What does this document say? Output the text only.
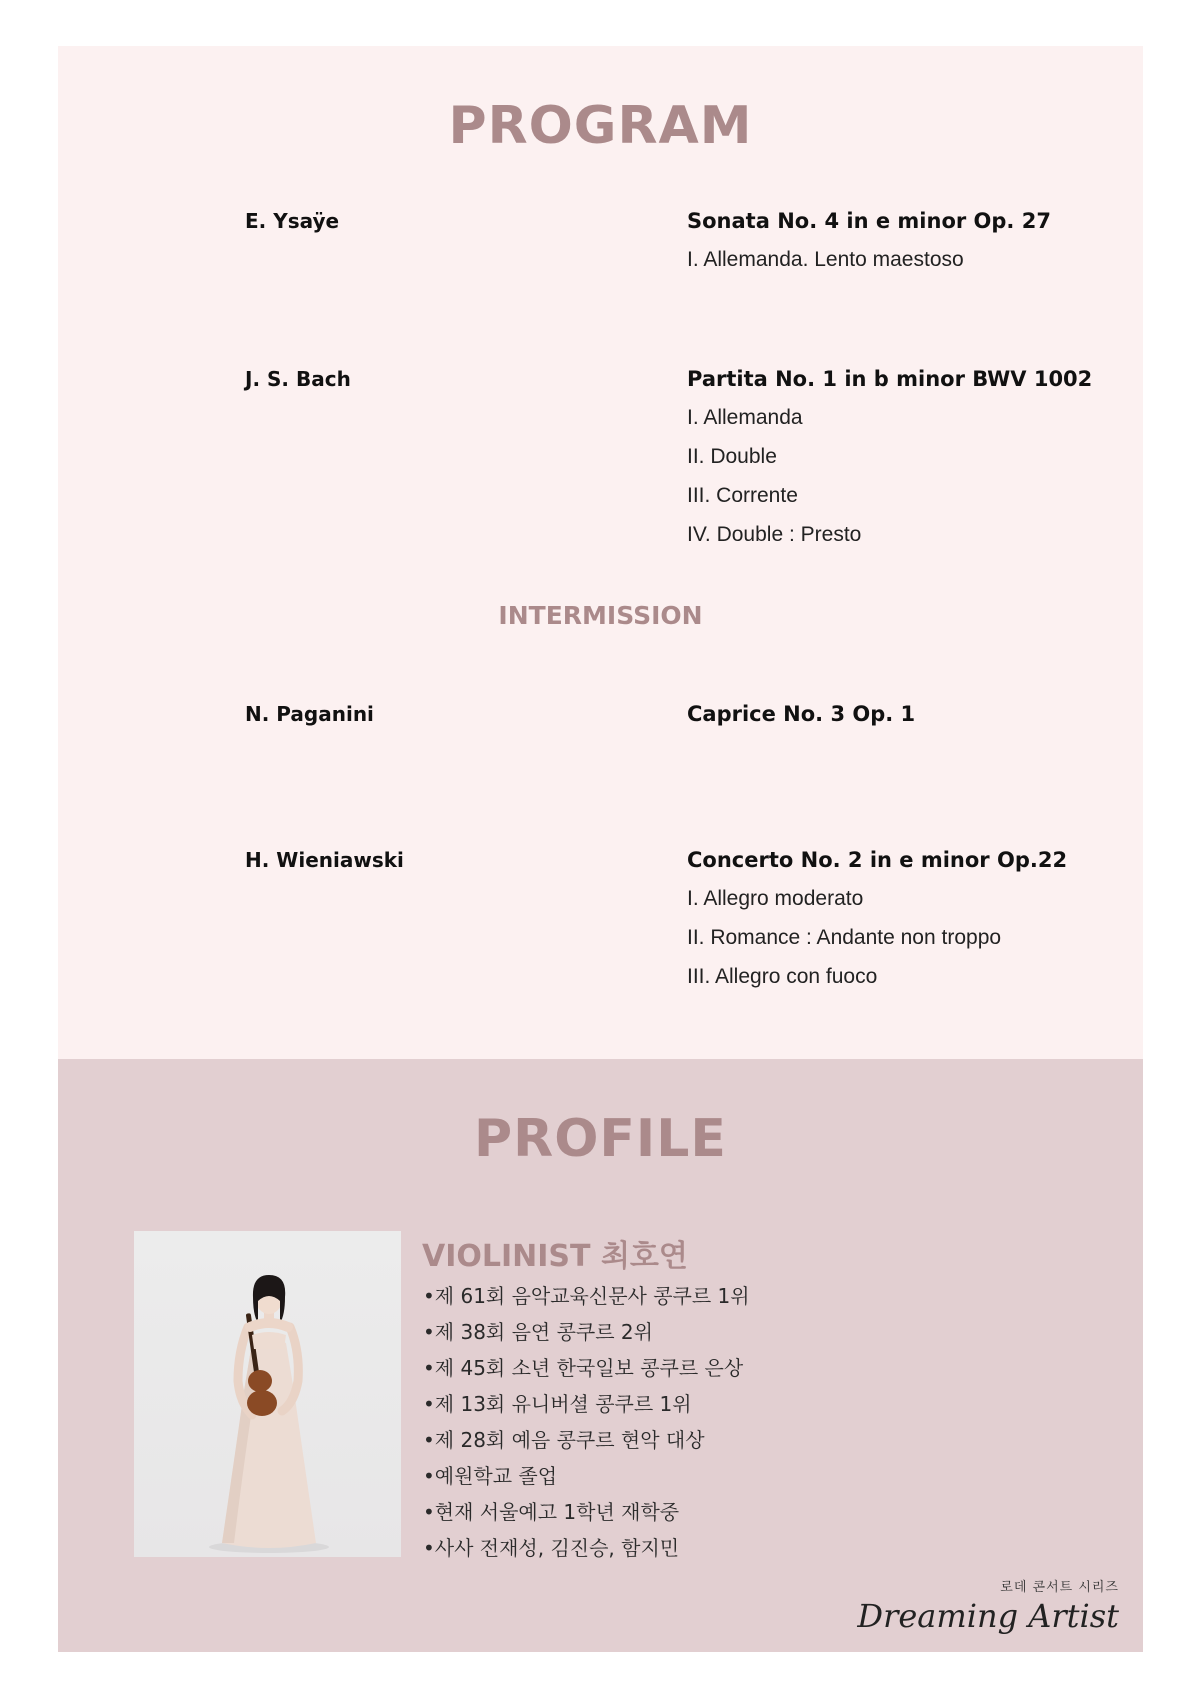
PROGRAM

E. Ysaÿe	Sonata No. 4 in e minor Op. 27

I. Allemanda. Lento maestoso

J. S. Bach	Partita No. 1 in b minor BWV 1002

I. Allemanda

II. Double

III. Corrente

IV. Double : Presto

INTERMISSION

N. Paganini	Caprice No. 3 Op. 1

H. Wieniawski	Concerto No. 2 in e minor Op.22

I. Allegro moderato

II. Romance : Andante non troppo

III. Allegro con fuoco

PROFILE
VIOLINIST 최호연
•제 61회 음악교육신문사 콩쿠르 1위
•제 38회 음연 콩쿠르 2위
•제 45회 소년 한국일보 콩쿠르 은상
•제 13회 유니버셜 콩쿠르 1위
•제 28회 예음 콩쿠르 현악 대상
•예원학교 졸업
•현재 서울예고 1학년 재학중
•사사 전재성, 김진승, 함지민

로데 콘서트 시리즈

Dreaming Artist
